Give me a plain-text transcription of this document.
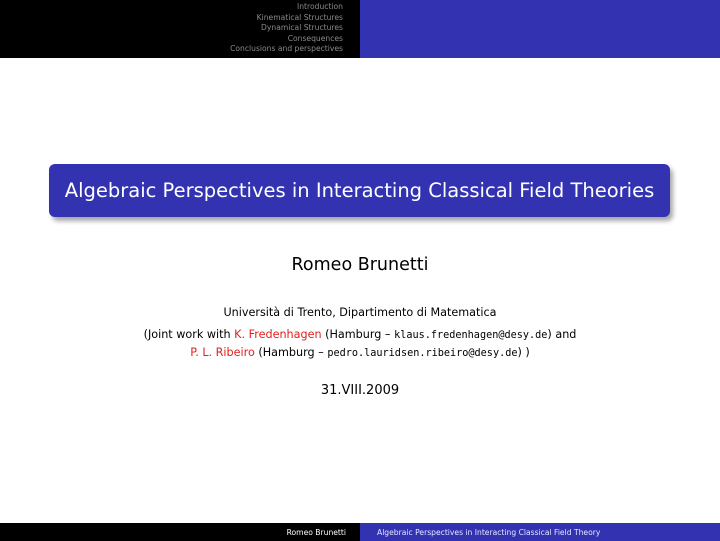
Introduction
Kinematical Structures
Dynamical Structures
Consequences
Conclusions and perspectives
Algebraic Perspectives in Interacting Classical Field Theories
Romeo Brunetti
Università di Trento, Dipartimento di Matematica
(Joint work with K. Fredenhagen (Hamburg – klaus.fredenhagen@desy.de) and
P. L. Ribeiro (Hamburg – pedro.lauridsen.ribeiro@desy.de) )
31.VIII.2009
Romeo Brunetti	Algebraic Perspectives in Interacting Classical Field Theory
